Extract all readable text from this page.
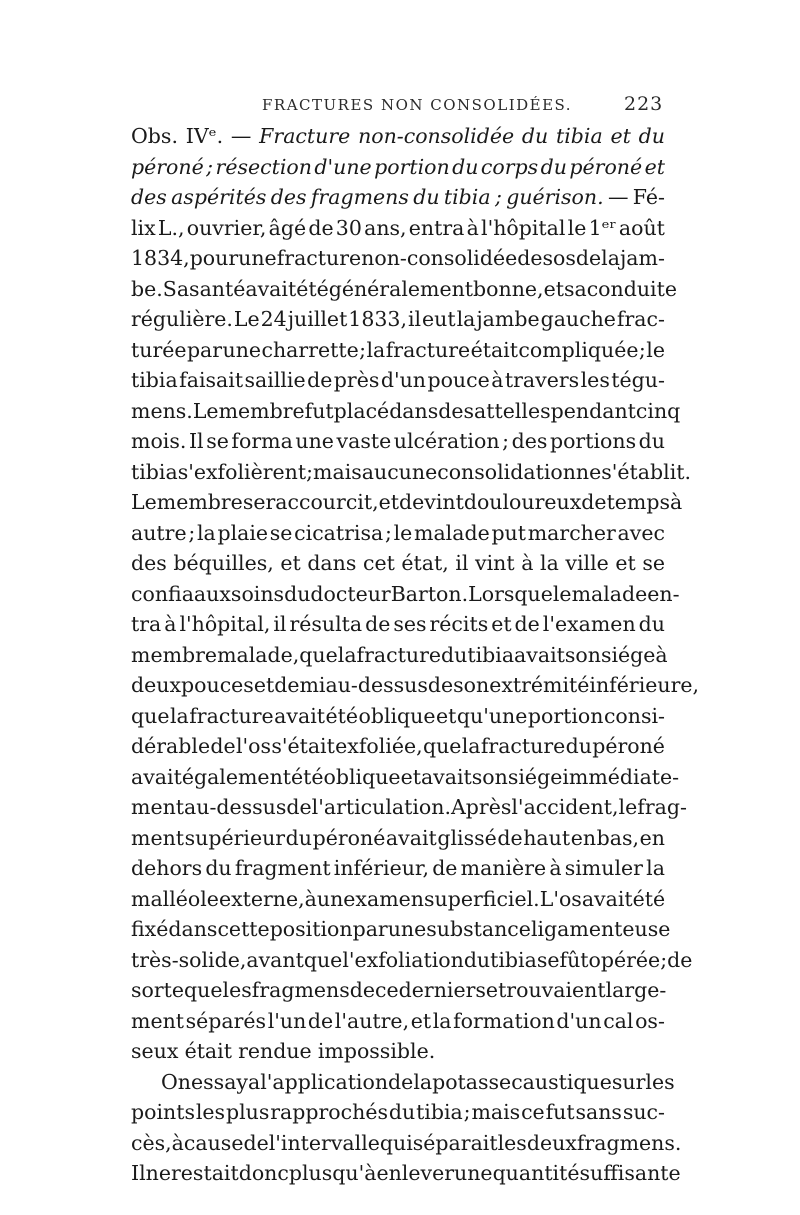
FRACTURES NON CONSOLIDÉES.	223
Obs. IVᵉ. — Fracture non-consolidée du tibia et du
péroné ; résection d'une portion du corps du péroné et
des aspérités des fragmens du tibia ; guérison. — Fé-
lix L., ouvrier, âgé de 30 ans, entra à l'hôpital le 1ᵉʳ août
1834, pour une fracture non-consolidée des os de la jam-
be. Sa santé avait été généralement bonne, et sa conduite
régulière. Le 24 juillet 1833, il eut la jambe gauche frac-
turée par une charrette ; la fracture était compliquée ; le
tibia faisait saillie de près d'un pouce à travers les tégu-
mens. Le membre fut placé dans des attelles pendant cinq
mois. Il se forma une vaste ulcération ; des portions du
tibia s'exfolièrent ; mais aucune consolidation ne s'établit.
Le membre se raccourcit, et devint douloureux de temps à
autre ; la plaie se cicatrisa ; le malade put marcher avec
des béquilles, et dans cet état, il vint à la ville et se
confia aux soins du docteur Barton. Lorsque le malade en-
tra à l'hôpital, il résulta de ses récits et de l'examen du
membre malade, que la fracture du tibia avait son siége à
deux pouces et demi au-dessus de son extrémité inférieure,
que la fracture avait été oblique et qu'une portion consi-
dérable de l'os s'était exfoliée, que la fracture du péroné
avait également été oblique et avait son siége immédiate-
ment au-dessus de l'articulation. Après l'accident, le frag-
ment supérieur du péroné avait glissé de haut en bas, en
dehors du fragment inférieur, de manière à simuler la
malléole externe, à un examen superficiel. L'os avait été
fixé dans cette position par une substance ligamenteuse
très-solide, avant que l'exfoliation du tibia se fût opérée; de
sorte que les fragmens de ce dernier se trouvaient large-
ment séparés l'un de l'autre, et la formation d'un cal os-
seux était rendue impossible.
On essaya l'application de la potasse caustique sur les
points les plus rapprochés du tibia ; mais ce fut sans suc-
cès, à cause de l'intervalle qui séparait les deux fragmens.
Il ne restait donc plus qu'à enlever une quantité suffisante
